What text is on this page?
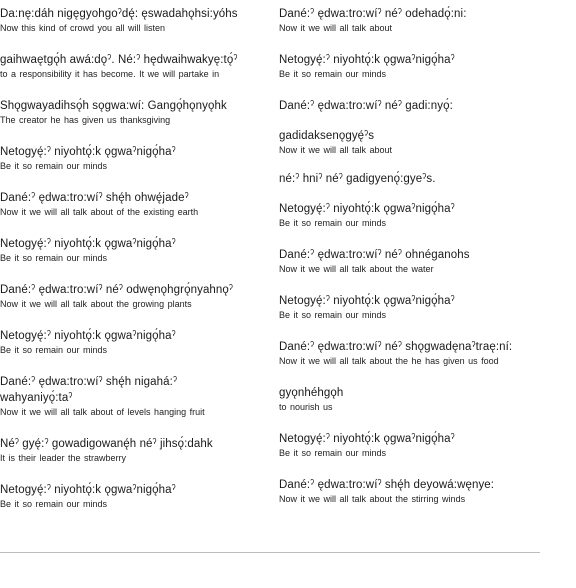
Da:nę:dáh nigęgyohgoˀdę́: ęswadahǫhsi:yóhs
Now this kind of crowd you all will listen
gaihwaętgǫ́h awá:dǫˀ. Né:ˀ hędwaihwakyę:tǫ́ˀ
to a responsibility it has become. It we will partake in
Shǫgwayadihsǫ́h sǫgwa:wí: Gangǫ́hǫnyǫhk
The creator he has given us thanksgiving
Netogyę́:ˀ niyohtǫ́:k ǫgwaˀnigǫ́haˀ
Be it so remain our minds
Dané:ˀ ędwa:tro:wíˀ shę́h ohwę́jadeˀ
Now it we will all talk about of the existing earth
Netogyę́:ˀ niyohtǫ́:k ǫgwaˀnigǫ́haˀ
Be it so remain our minds
Dané:ˀ ędwa:tro:wíˀ néˀ odwęnǫhgrǫ́nyahnǫˀ
Now it we will all talk about the growing plants
Netogyę́:ˀ niyohtǫ́:k ǫgwaˀnigǫ́haˀ
Be it so remain our minds
Dané:ˀ ędwa:tro:wíˀ shę́h nigahá:ˀ
wahyaniyǫ́:taˀ
Now it we will all talk about of levels hanging fruit
Néˀ gyę́:ˀ gowadigowanę́h néˀ jihsǫ́:dahk
It is their leader the strawberry
Netogyę́:ˀ niyohtǫ́:k ǫgwaˀnigǫ́haˀ
Be it so remain our minds
Dané:ˀ ędwa:tro:wíˀ néˀ odehadǫ́:ni:
Now it we will all talk about
Netogyę́:ˀ niyohtǫ́:k ǫgwaˀnigǫ́haˀ
Be it so remain our minds
Dané:ˀ ędwa:tro:wíˀ néˀ gadi:nyǫ́:
gadidaksenǫgyę́ˀs
Now it we will all talk about
né:ˀ hniˀ néˀ gadigyenǫ́:gyeˀs.
Netogyę́:ˀ niyohtǫ́:k ǫgwaˀnigǫ́haˀ
Be it so remain our minds
Dané:ˀ ędwa:tro:wíˀ néˀ ohnéganohs
Now it we will all talk about the water
Netogyę́:ˀ niyohtǫ́:k ǫgwaˀnigǫ́haˀ
Be it so remain our minds
Dané:ˀ ędwa:tro:wíˀ néˀ shǫgwadęnaˀtraę:ní:
Now it we will all talk about the he has given us food
gyǫnhéhgǫh
to nourish us
Netogyę́:ˀ niyohtǫ́:k ǫgwaˀnigǫ́haˀ
Be it so remain our minds
Dané:ˀ ędwa:tro:wíˀ shę́h deyowá:węnye:
Now it we will all talk about the stirring winds
